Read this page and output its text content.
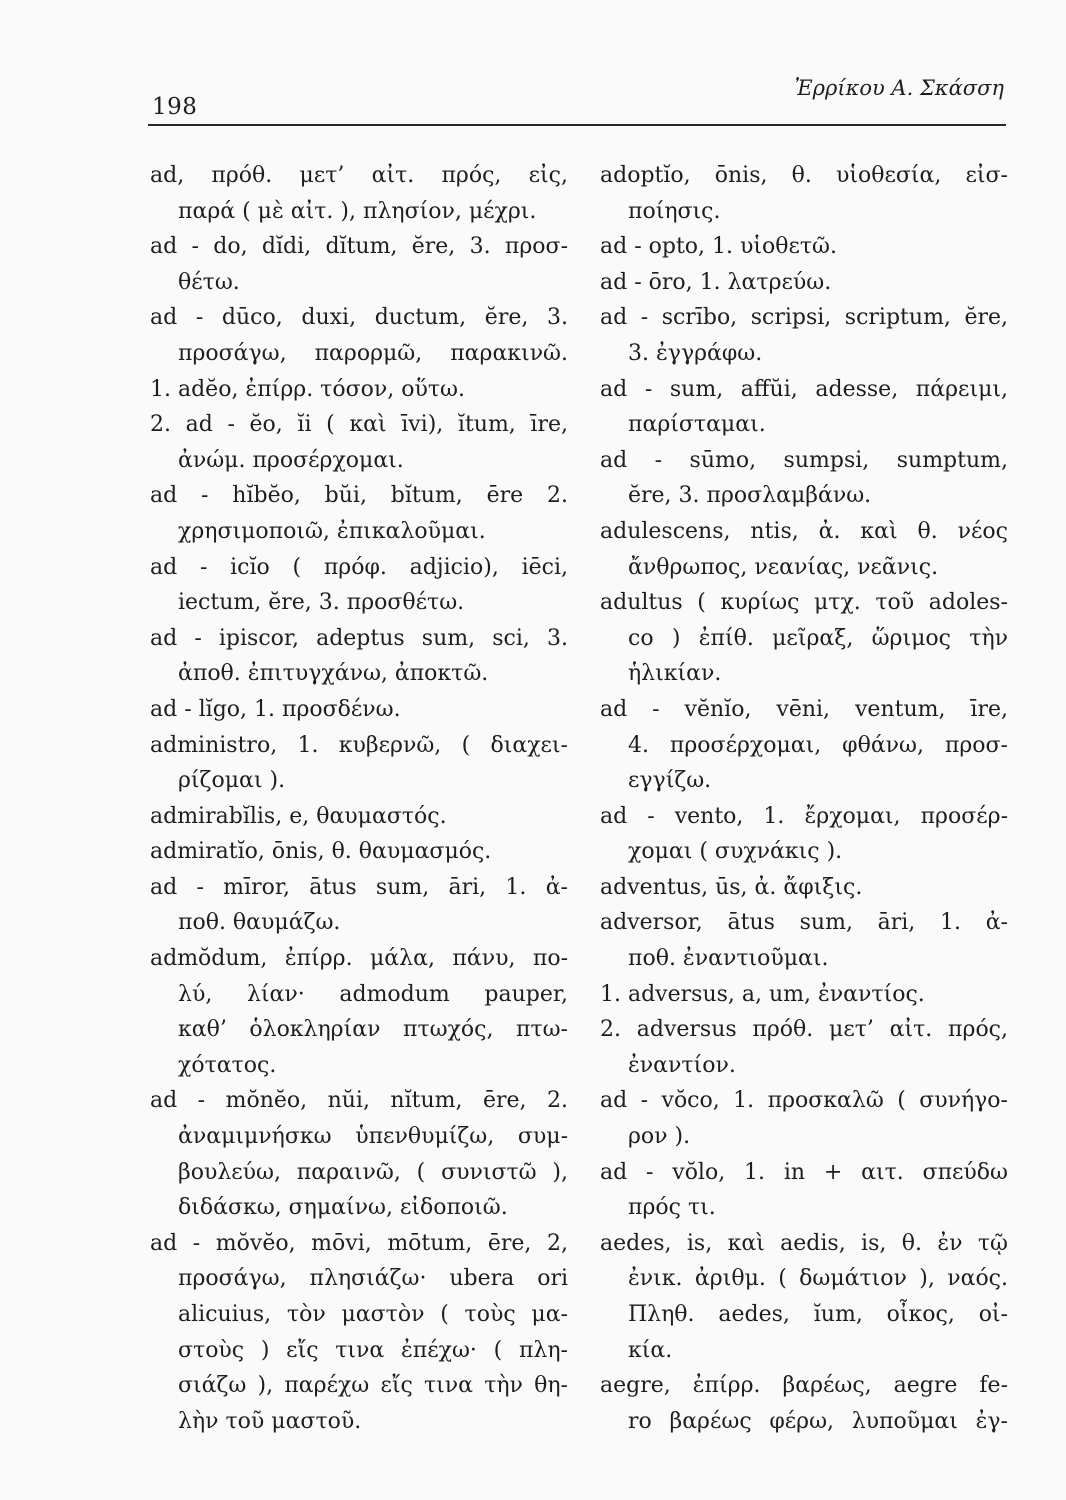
198
Ἐρρίκου Α. Σκάσση
ad, πρόθ. μετ’ αἰτ. πρός, εἰς,
παρά ( μὲ αἰτ. ), πλησίον, μέχρι.
ad - do, dĭdi, dĭtum, ĕre, 3. προσ-
θέτω.
ad - dūco, duxi, ductum, ĕre, 3.
προσάγω, παρορμῶ, παρακινῶ.
1. adĕo, ἐπίρρ. τόσον, οὕτω.
2. ad - ĕo, ĭi ( καὶ īvi), ĭtum, īre,
ἀνώμ. προσέρχομαι.
ad - hĭbĕo, bŭi, bĭtum, ēre 2.
χρησιμοποιῶ, ἐπικαλοῦμαι.
ad - icĭo ( πρόφ. adjicio), iēci,
iectum, ĕre, 3. προσθέτω.
ad - ipiscor, adeptus sum, sci, 3.
ἀποθ. ἐπιτυγχάνω, ἀποκτῶ.
ad - lĭgo, 1. προσδένω.
administro, 1. κυβερνῶ, ( διαχει-
ρίζομαι ).
admirabĭlis, e, θαυμαστός.
admiratĭo, ōnis, θ. θαυμασμός.
ad - mīror, ātus sum, āri, 1. ἀ-
ποθ. θαυμάζω.
admŏdum, ἐπίρρ. μάλα, πάνυ, πο-
λύ, λίαν· admodum pauper,
καθ’ ὁλοκληρίαν πτωχός, πτω-
χότατος.
ad - mŏnĕo, nŭi, nĭtum, ēre, 2.
ἀναμιμνήσκω ὑπενθυμίζω, συμ-
βουλεύω, παραινῶ, ( συνιστῶ ),
διδάσκω, σημαίνω, εἰδοποιῶ.
ad - mŏvĕo, mōvi, mōtum, ēre, 2,
προσάγω, πλησιάζω· ubera ori
alicuius, τὸν μαστὸν ( τοὺς μα-
στοὺς ) εἴς τινα ἐπέχω· ( πλη-
σιάζω ), παρέχω εἴς τινα τὴν θη-
λὴν τοῦ μαστοῦ.
adoptĭo, ōnis, θ. υἱοθεσία, εἰσ-
ποίησις.
ad - opto, 1. υἱοθετῶ.
ad - ōro, 1. λατρεύω.
ad - scrībo, scripsi, scriptum, ĕre,
3. ἐγγράφω.
ad - sum, affŭi, adesse, πάρειμι,
παρίσταμαι.
ad - sūmo, sumpsi, sumptum,
ĕre, 3. προσλαμβάνω.
adulescens, ntis, ἀ. καὶ θ. νέος
ἄνθρωπος, νεανίας, νεᾶνις.
adultus ( κυρίως μτχ. τοῦ adoles-
co ) ἐπίθ. μεῖραξ, ὥριμος τὴν
ἡλικίαν.
ad - vĕnĭo, vēni, ventum, īre,
4. προσέρχομαι, φθάνω, προσ-
εγγίζω.
ad - vento, 1. ἔρχομαι, προσέρ-
χομαι ( συχνάκις ).
adventus, ūs, ἀ. ἄφιξις.
adversor, ātus sum, āri, 1. ἀ-
ποθ. ἐναντιοῦμαι.
1. adversus, a, um, ἐναντίος.
2. adversus πρόθ. μετ’ αἰτ. πρός,
ἐναντίον.
ad - vŏco, 1. προσκαλῶ ( συνήγο-
ρον ).
ad - vŏlo, 1. in + αιτ. σπεύδω
πρός τι.
aedes, is, καὶ aedis, is, θ. ἐν τῷ
ἐνικ. ἀριθμ. ( δωμάτιον ), ναός.
Πληθ. aedes, ĭum, οἶκος, οἰ-
κία.
aegre, ἐπίρρ. βαρέως, aegre fe-
ro βαρέως φέρω, λυποῦμαι ἐγ-
